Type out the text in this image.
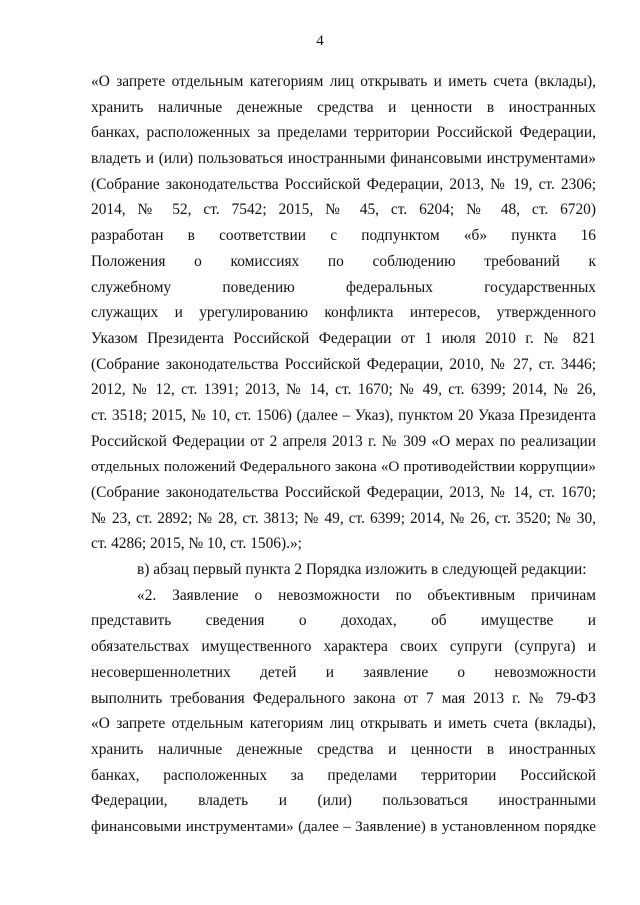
4
«О запрете отдельным категориям лиц открывать и иметь счета (вклады),
хранить наличные денежные средства и ценности в иностранных
банках, расположенных за пределами территории Российской Федерации,
владеть и (или) пользоваться иностранными финансовыми инструментами»
(Собрание законодательства Российской Федерации, 2013, № 19, ст. 2306;
2014, № 52, ст. 7542; 2015, № 45, ст. 6204; № 48, ст. 6720)
разработан в соответствии с подпунктом «б» пункта 16
Положения о комиссиях по соблюдению требований к
служебному поведению федеральных государственных
служащих и урегулированию конфликта интересов, утвержденного
Указом Президента Российской Федерации от 1 июля 2010 г. № 821
(Собрание законодательства Российской Федерации, 2010, № 27, ст. 3446;
2012, № 12, ст. 1391; 2013, № 14, ст. 1670; № 49, ст. 6399; 2014, № 26,
ст. 3518; 2015, № 10, ст. 1506) (далее – Указ), пунктом 20 Указа Президента
Российской Федерации от 2 апреля 2013 г. № 309 «О мерах по реализации
отдельных положений Федерального закона «О противодействии коррупции»
(Собрание законодательства Российской Федерации, 2013, № 14, ст. 1670;
№ 23, ст. 2892; № 28, ст. 3813; № 49, ст. 6399; 2014, № 26, ст. 3520; № 30,
ст. 4286; 2015, № 10, ст. 1506).»;
в) абзац первый пункта 2 Порядка изложить в следующей редакции:
«2. Заявление о невозможности по объективным причинам
представить сведения о доходах, об имуществе и
обязательствах имущественного характера своих супруги (супруга) и
несовершеннолетних детей и заявление о невозможности
выполнить требования Федерального закона от 7 мая 2013 г. № 79-ФЗ
«О запрете отдельным категориям лиц открывать и иметь счета (вклады),
хранить наличные денежные средства и ценности в иностранных
банках, расположенных за пределами территории Российской
Федерации, владеть и (или) пользоваться иностранными
финансовыми инструментами» (далее – Заявление) в установленном порядке
